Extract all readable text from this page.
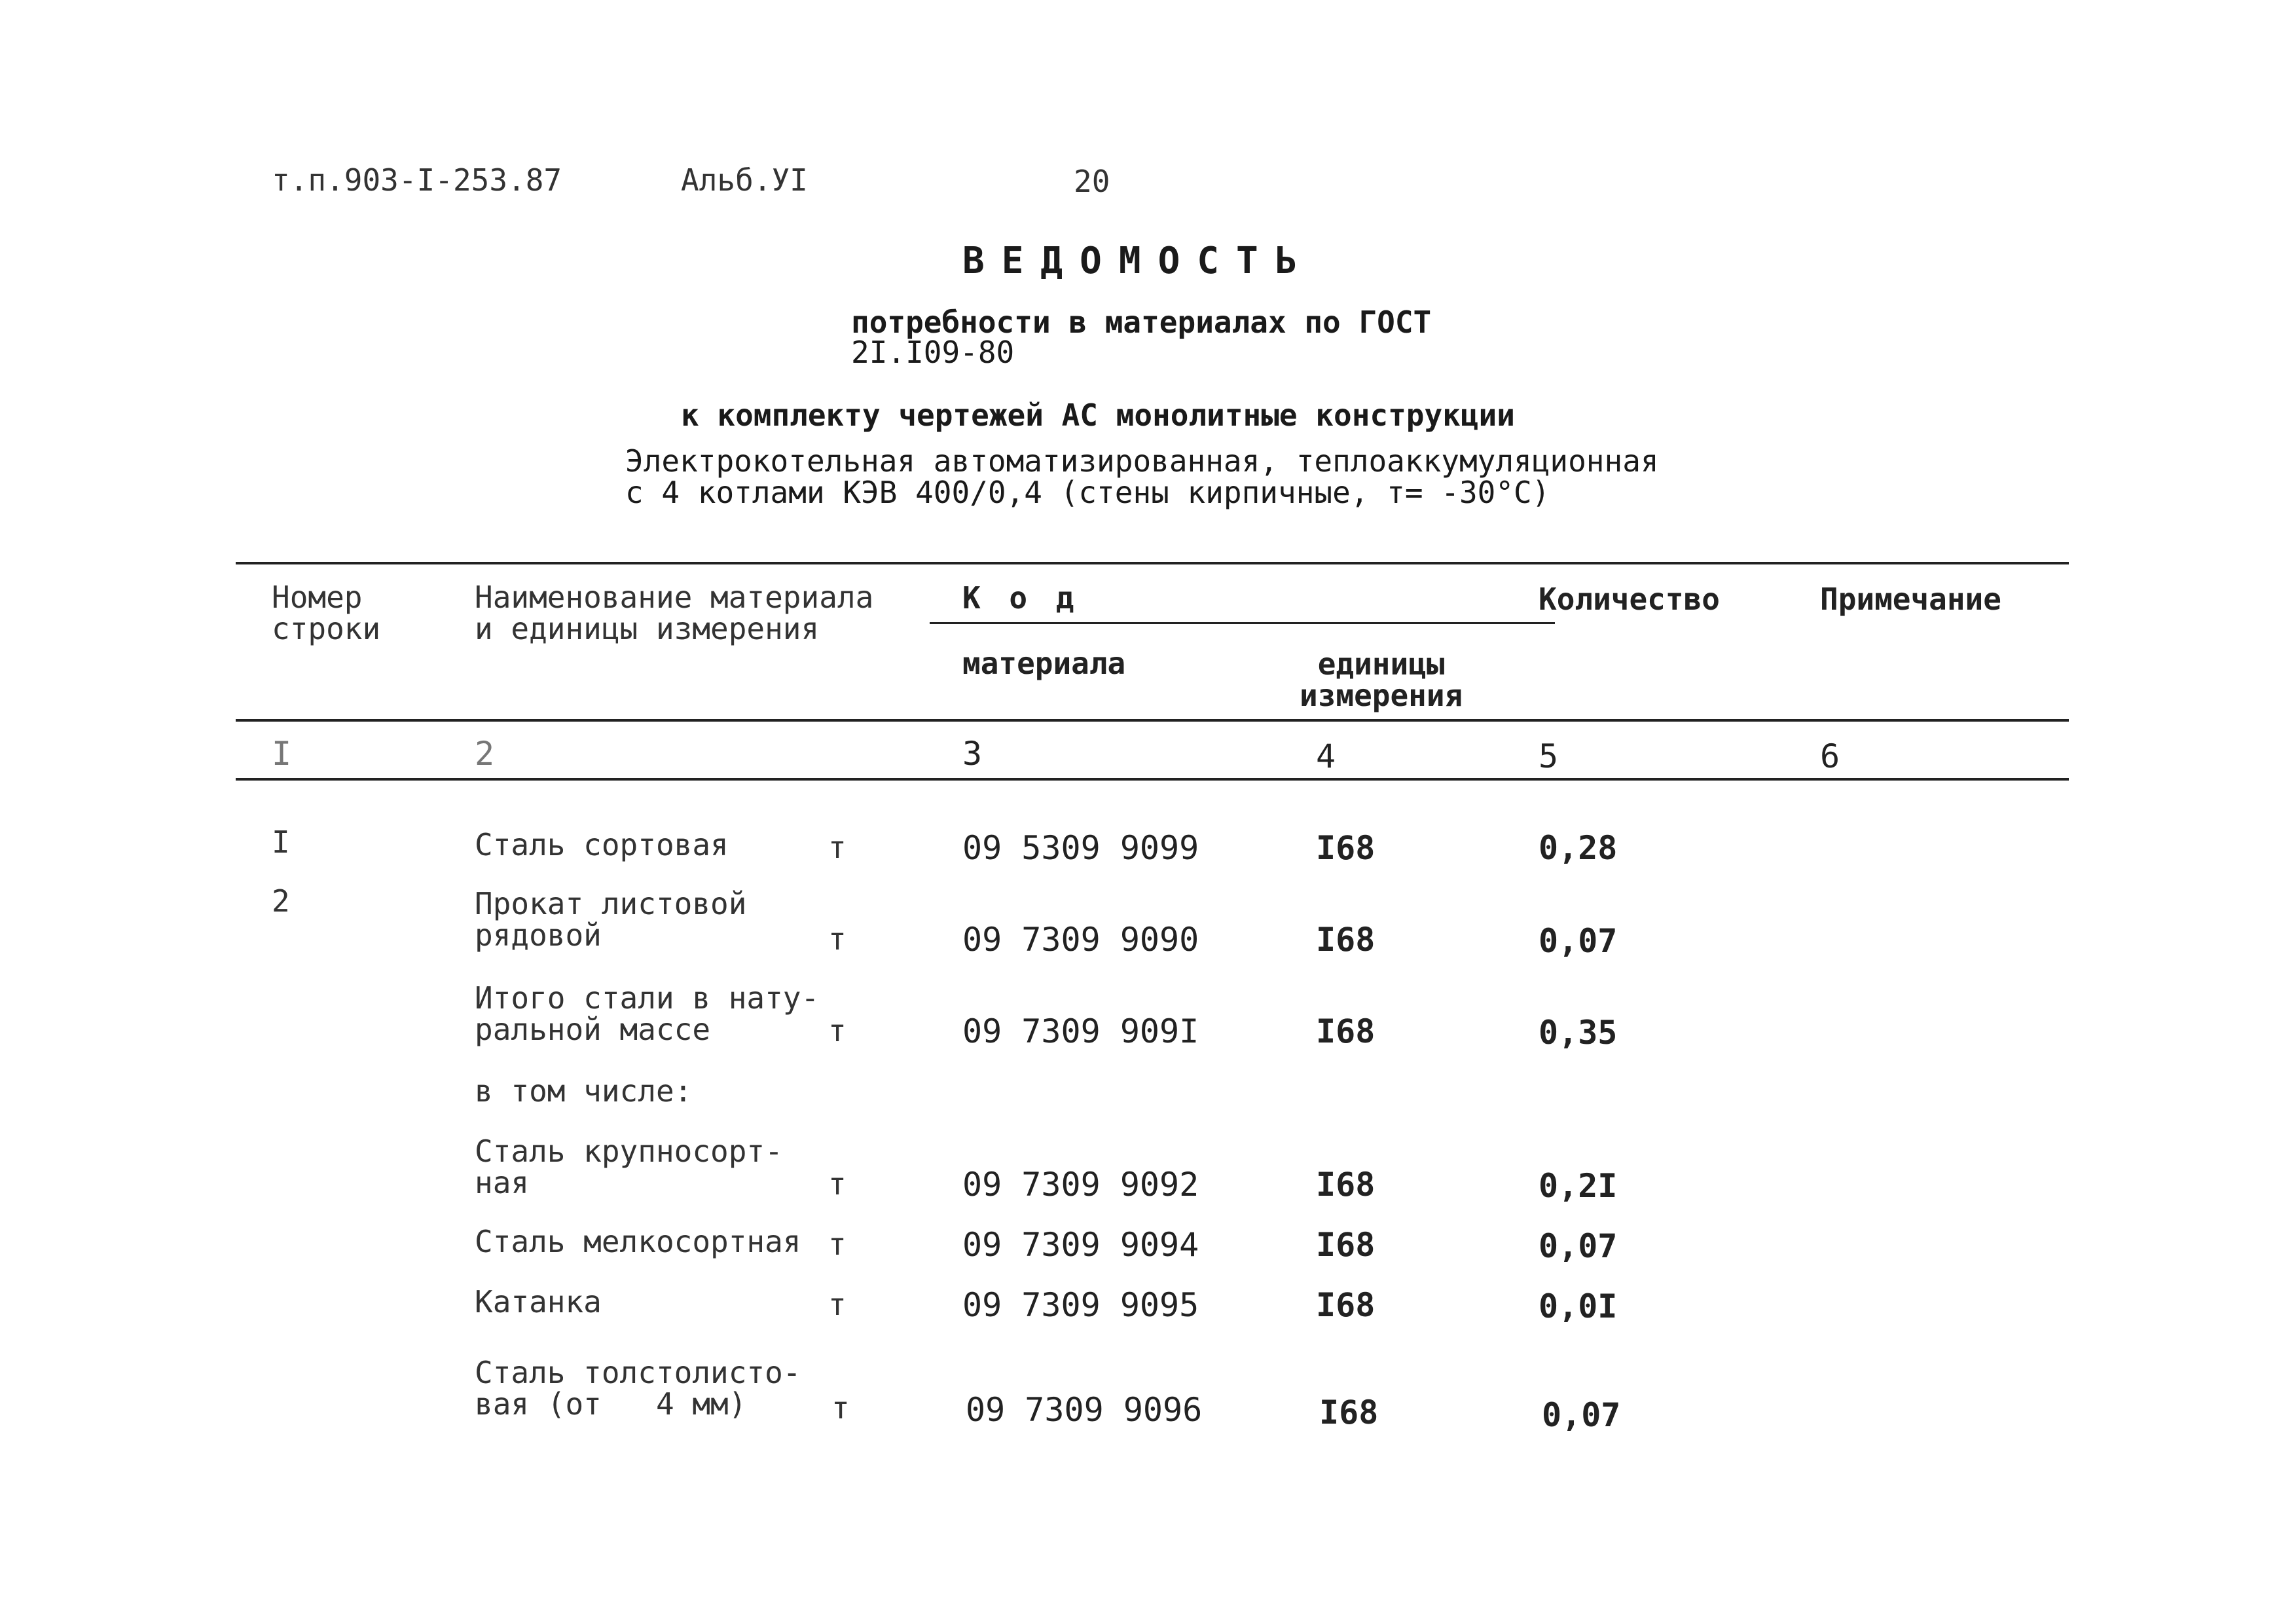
т.п.903-I-253.87	Альб.УI	20
ВЕДОМОСТЬ
потребности в материалах по ГОСТ
2I.I09-80
к комплекту чертежей АС монолитные конструкции
Электрокотельная автоматизированная, теплоаккумуляционная
с 4 котлами КЭВ 400/0,4 (стены кирпичные, т= -30°С)
Номер
строки
Наименование материала
и единицы измерения
К о д
материала	единицы
измерения
Количество	Примечание
I	2	3	4	5	6
I	Сталь сортовая	т	09 5309 9099	I68	0,28
2	Прокат листовой
рядовой	т	09 7309 9090	I68	0,07
Итого стали в нату-
ральной массе	т	09 7309 909I	I68	0,35
в том числе:
Сталь крупносорт-
ная	т	09 7309 9092	I68	0,2I
Сталь мелкосортная т	09 7309 9094	I68	0,07
Катанка	т	09 7309 9095	I68	0,0I
Сталь толстолисто-
вая (от   4 мм)	т	09 7309 9096	I68	0,07
